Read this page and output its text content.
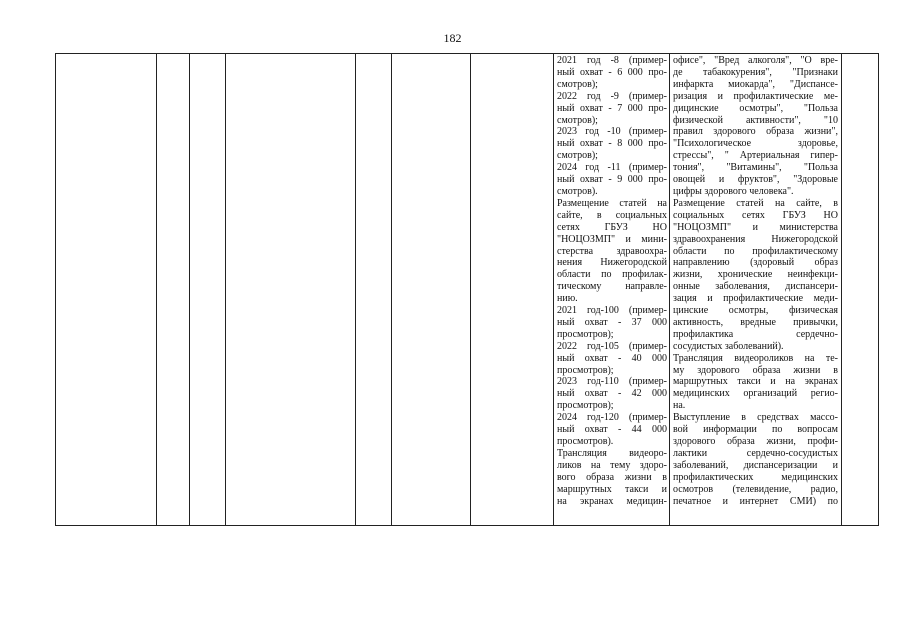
182

2021 год -8 (пример-
ный охват - 6 000 про-
смотров);
2022 год -9 (пример-
ный охват - 7 000 про-
смотров);
2023 год -10 (пример-
ный охват - 8 000 про-
смотров);
2024 год -11 (пример-
ный охват - 9 000 про-
смотров).
Размещение статей на
сайте, в социальных
сетях ГБУЗ НО
"НОЦОЗМП" и мини-
стерства здравоохра-
нения Нижегородской
области по профилак-
тическому направле-
нию.
2021 год-100 (пример-
ный охват - 37 000
просмотров);
2022 год-105 (пример-
ный охват - 40 000
просмотров);
2023 год-110 (пример-
ный охват - 42 000
просмотров);
2024 год-120 (пример-
ный охват - 44 000
просмотров).
Трансляция видеоро-
ликов на тему здоро-
вого образа жизни в
маршрутных такси и
на экранах медицин-

офисе", "Вред алкоголя", "О вре-
де табакокурения", "Признаки
инфаркта миокарда", "Диспансе-
ризация и профилактические ме-
дицинские осмотры", "Польза
физической активности", "10
правил здорового образа жизни",
"Психологическое здоровье,
стрессы", " Артериальная гипер-
тония", "Витамины", "Польза
овощей и фруктов", "Здоровые
цифры здорового человека".
Размещение статей на сайте, в
социальных сетях ГБУЗ НО
"НОЦОЗМП" и министерства
здравоохранения Нижегородской
области по профилактическому
направлению (здоровый образ
жизни, хронические неинфекци-
онные заболевания, диспансери-
зация и профилактические меди-
цинские осмотры, физическая
активность, вредные привычки,
профилактика сердечно-
сосудистых заболеваний).
Трансляция видеороликов на те-
му здорового образа жизни в
маршрутных такси и на экранах
медицинских организаций регио-
на.
Выступление в средствах массо-
вой информации по вопросам
здорового образа жизни, профи-
лактики сердечно-сосудистых
заболеваний, диспансеризации и
профилактических медицинских
осмотров (телевидение, радио,
печатное и интернет СМИ) по
